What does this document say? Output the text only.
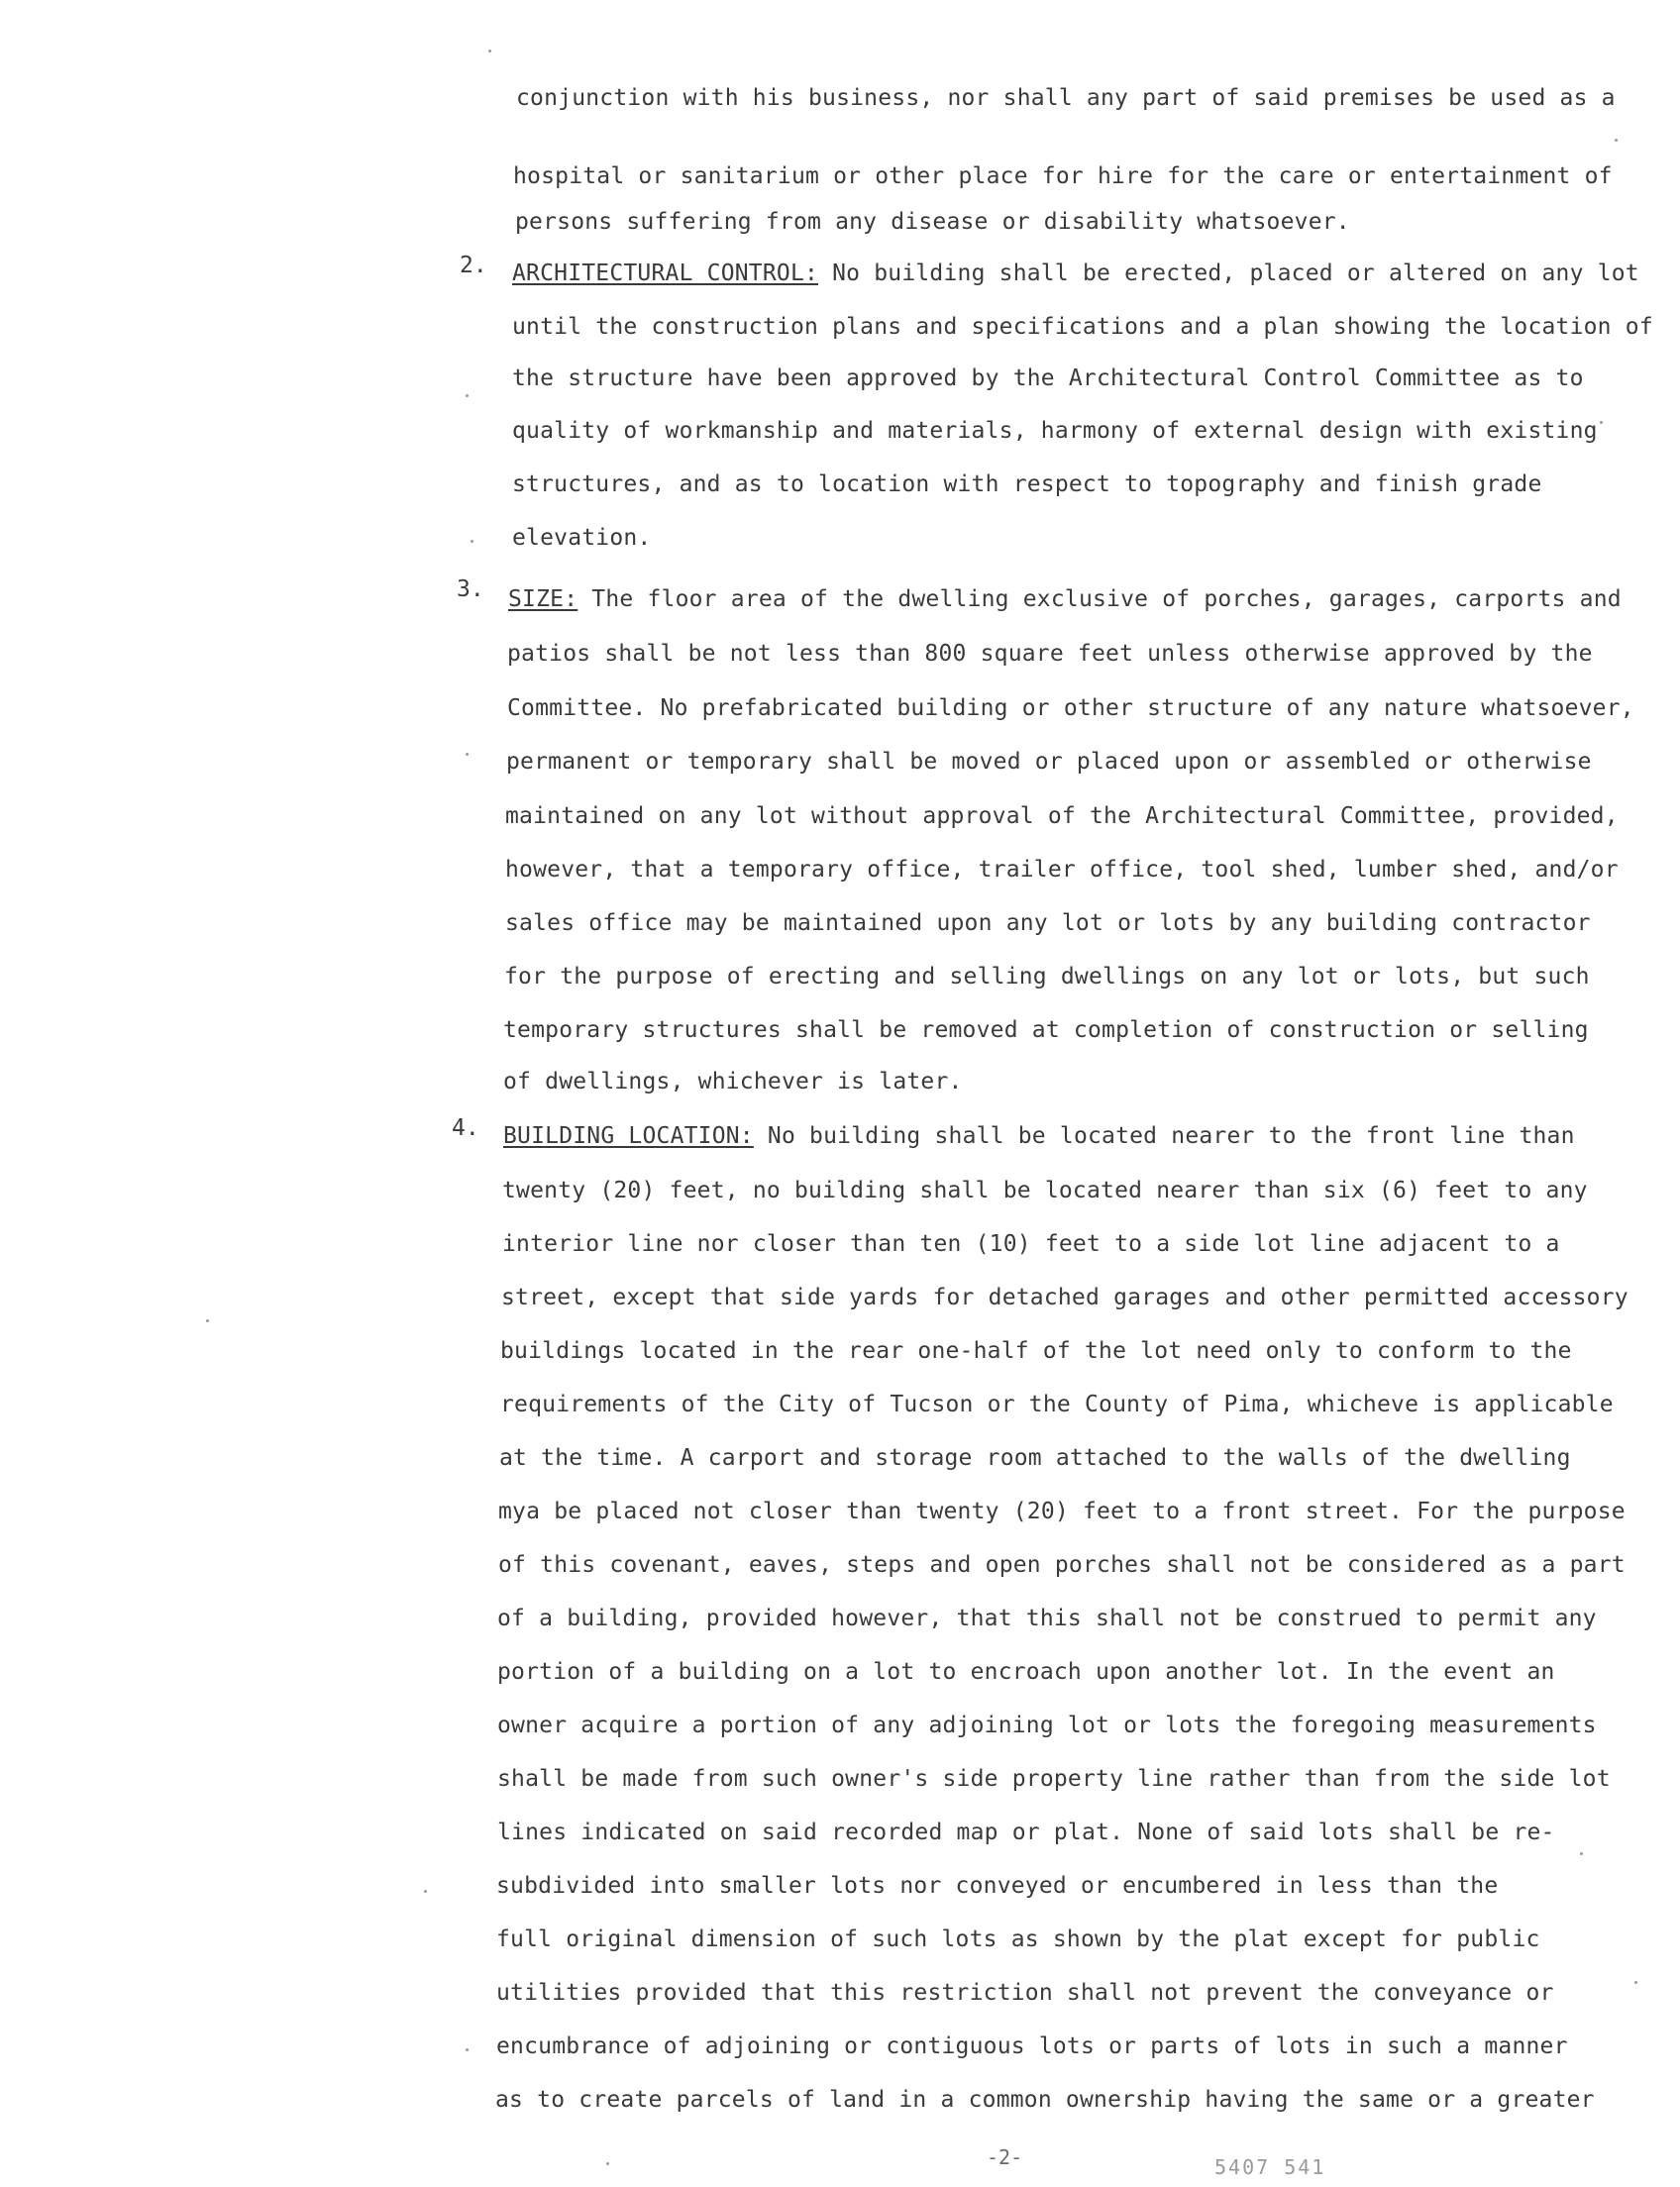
conjunction with his business, nor shall any part of said premises be used as a
hospital or sanitarium or other place for hire for the care or entertainment of
persons suffering from any disease or disability whatsoever.
2. ARCHITECTURAL CONTROL: No building shall be erected, placed or altered on any lot
until the construction plans and specifications and a plan showing the location of
the structure have been approved by the Architectural Control Committee as to
quality of workmanship and materials, harmony of external design with existing
structures, and as to location with respect to topography and finish grade
elevation.
3. SIZE: The floor area of the dwelling exclusive of porches, garages, carports and
patios shall be not less than 800 square feet unless otherwise approved by the
Committee. No prefabricated building or other structure of any nature whatsoever,
permanent or temporary shall be moved or placed upon or assembled or otherwise
maintained on any lot without approval of the Architectural Committee, provided,
however, that a temporary office, trailer office, tool shed, lumber shed, and/or
sales office may be maintained upon any lot or lots by any building contractor
for the purpose of erecting and selling dwellings on any lot or lots, but such
temporary structures shall be removed at completion of construction or selling
of dwellings, whichever is later.
4. BUILDING LOCATION: No building shall be located nearer to the front line than
twenty (20) feet, no building shall be located nearer than six (6) feet to any
interior line nor closer than ten (10) feet to a side lot line adjacent to a
street, except that side yards for detached garages and other permitted accessory
buildings located in the rear one-half of the lot need only to conform to the
requirements of the City of Tucson or the County of Pima, whicheve is applicable
at the time. A carport and storage room attached to the walls of the dwelling
mya be placed not closer than twenty (20) feet to a front street. For the purpose
of this covenant, eaves, steps and open porches shall not be considered as a part
of a building, provided however, that this shall not be construed to permit any
portion of a building on a lot to encroach upon another lot. In the event an
owner acquire a portion of any adjoining lot or lots the foregoing measurements
shall be made from such owner's side property line rather than from the side lot
lines indicated on said recorded map or plat. None of said lots shall be re-
subdivided into smaller lots nor conveyed or encumbered in less than the
full original dimension of such lots as shown by the plat except for public
utilities provided that this restriction shall not prevent the conveyance or
encumbrance of adjoining or contiguous lots or parts of lots in such a manner
as to create parcels of land in a common ownership having the same or a greater
-2-	5407 541
